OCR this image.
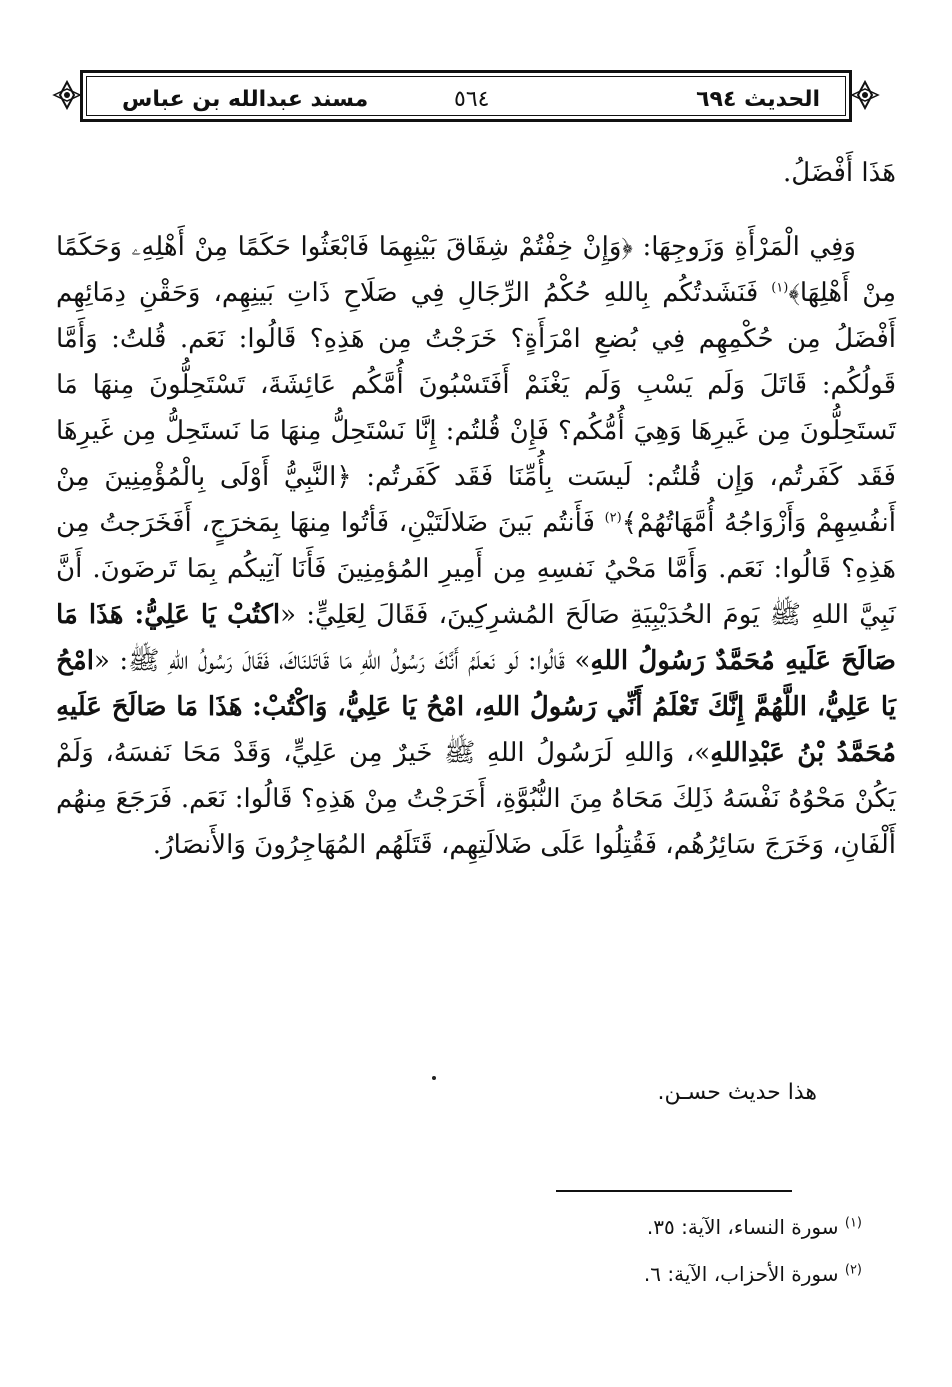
الحديث ٦٩٤
٥٦٤
مسند عبدالله بن عباس

هَذَا أَفْضَلُ.

وَفِي الْمَرْأَةِ وَزَوجِهَا: ﴿وَإِنْ خِفْتُمْ شِقَاقَ بَيْنِهِمَا فَابْعَثُوا حَكَمًا مِنْ أَهْلِهِۦ وَحَكَمًا مِنْ أَهْلِهَا﴾$^{(١)}$ فَنَشَدتُكُم بِاللهِ حُكْمُ الرِّجَالِ فِي صَلَاحِ ذَاتِ بَينِهِم، وَحَقْنِ دِمَائِهِم أَفْضَلُ مِن حُكْمِهِم فِي بُضعِ امْرَأَةٍ؟ خَرَجْتُ مِن هَذِهِ؟ قَالُوا: نَعَم. قُلتُ: وَأَمَّا قَولُكُم: قَاتَلَ وَلَم يَسْبِ وَلَم يَغْنَمْ أَفَتَسْبُونَ أُمَّكُم عَائِشَةَ، تَسْتَحِلُّونَ مِنهَا مَا تَستَحِلُّونَ مِن غَيرِهَا وَهِيَ أُمُّكُم؟ فَإِنْ قُلتُم: إِنَّا نَسْتَحِلُّ مِنهَا مَا نَستَحِلُّ مِن غَيرِهَا فَقَد كَفَرتُم، وَإِن قُلتُم: لَيسَت بِأُمِّنَا فَقَد كَفَرتُم: ﴿النَّبِيُّ أَوْلَى بِالْمُؤْمِنِينَ مِنْ أَنفُسِهِمْ وَأَزْوَاجُهُ أُمَّهَاتُهُمْ﴾$^{(٢)}$ فَأَنتُم بَينَ ضَلالَتَيْنِ، فَأتُوا مِنهَا بِمَخرَجٍ، أَفَخَرَجتُ مِن هَذِهِ؟ قَالُوا: نَعَم. وَأَمَّا مَحْيُ نَفسِهِ مِن أَمِيرِ المُؤمِنِينَ فَأَنَا آتِيكُم بِمَا تَرضَونَ. أَنَّ نَبِيَّ اللهِ ﷺ يَومَ الحُدَيْبِيَةِ صَالَحَ المُشرِكِينَ، فَقَالَ لِعَلِيٍّ: «اكتُبْ يَا عَلِيُّ: هَذَا مَا صَالَحَ عَلَيهِ مُحَمَّدٌ رَسُولُ اللهِ» قَالُوا: لَو نَعلَمُ أَنَّكَ رَسُولُ اللهِ مَا قَاتَلنَاكَ، فَقَالَ رَسُولُ اللهِ ﷺ: «امْحُ يَا عَلِيُّ، اللَّهُمَّ إِنَّكَ تَعْلَمُ أَنِّي رَسُولُ اللهِ، امْحُ يَا عَلِيُّ، وَاكْتُبْ: هَذَا مَا صَالَحَ عَلَيهِ مُحَمَّدُ بْنُ عَبْدِاللهِ»، وَاللهِ لَرَسُولُ اللهِ ﷺ خَيرٌ مِن عَلِيٍّ، وَقَدْ مَحَا نَفسَهُ، وَلَمْ يَكُنْ مَحْوُهُ نَفْسَهُ ذَلِكَ مَحَاهُ مِنَ النُّبُوَّةِ، أَخَرَجْتُ مِنْ هَذِهِ؟ قَالُوا: نَعَم. فَرَجَعَ مِنهُم أَلْفَانِ، وَخَرَجَ سَائِرُهُم، فَقُتِلُوا عَلَى ضَلالَتِهِم، قَتَلَهُم المُهَاجِرُونَ وَالأَنصَارُ.

هذا حديث حسـن.
$^{(١)}$ سورة النساء، الآية: ٣٥.
$^{(٢)}$ سورة الأحزاب، الآية: ٦.
